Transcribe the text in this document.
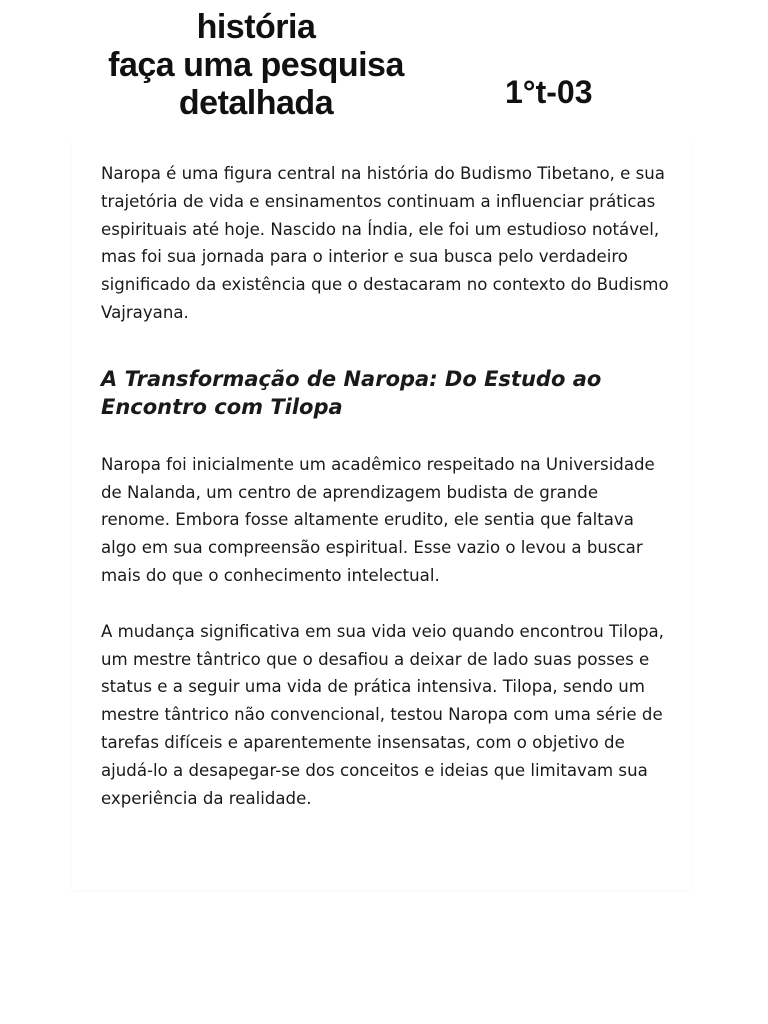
história
faça uma pesquisa
detalhada	1°t-03

Naropa é uma figura central na história do Budismo Tibetano, e sua trajetória de vida e ensinamentos continuam a influenciar práticas espirituais até hoje. Nascido na Índia, ele foi um estudioso notável, mas foi sua jornada para o interior e sua busca pelo verdadeiro significado da existência que o destacaram no contexto do Budismo Vajrayana.

A Transformação de Naropa: Do Estudo ao Encontro com Tilopa

Naropa foi inicialmente um acadêmico respeitado na Universidade de Nalanda, um centro de aprendizagem budista de grande renome. Embora fosse altamente erudito, ele sentia que faltava algo em sua compreensão espiritual. Esse vazio o levou a buscar mais do que o conhecimento intelectual.

A mudança significativa em sua vida veio quando encontrou Tilopa, um mestre tântrico que o desafiou a deixar de lado suas posses e status e a seguir uma vida de prática intensiva. Tilopa, sendo um mestre tântrico não convencional, testou Naropa com uma série de tarefas difíceis e aparentemente insensatas, com o objetivo de ajudá-lo a desapegar-se dos conceitos e ideias que limitavam sua experiência da realidade.
